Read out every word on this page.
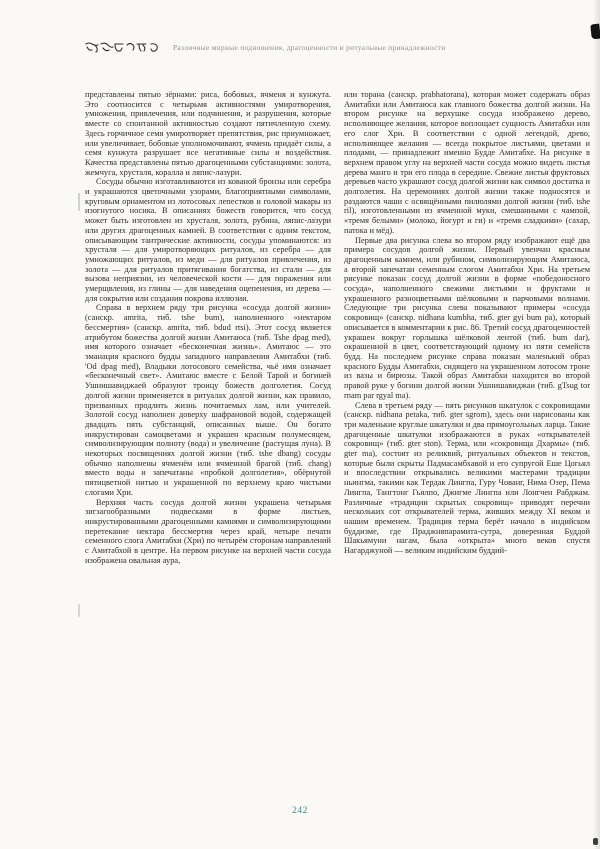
Различные мирные подношения, драгоценности и ритуальные принадлежности

представлены пятью зёрнами: риса, бобовых, ячменя и кунжута. Это соотносится с четырьмя активностями умиротворения, умножения, привлечения, или подчинения, и разрушения, которые вместе со спонтанной активностью создают пятичленную схему. Здесь горчичное семя умиротворяет препятствия, рис приумножает, или увеличивает, бобовые уполномочивают, ячмень придаёт силы, а семя кунжута разрушает все негативные силы и воздействия. Качества представлены пятью драгоценными субстанциями: золота, жемчуга, хрусталя, коралла и ляпис-лазури.

Сосуды обычно изготавливаются из кованой бронзы или серебра и украшаются цветочными узорами, благоприятными символами, круговым орнаментом из лотосовых лепестков и головой макары из изогнутого носика. В описаниях божеств говорится, что сосуд может быть изготовлен из хрусталя, золота, рубина, ляпис-лазури или других драгоценных камней. В соответствии с одним текстом, описывающим тантрические активности, сосуды упоминаются: из хрусталя — для умиротворяющих ритуалов, из серебра — для умножающих ритуалов, из меди — для ритуалов привлечения, из золота — для ритуалов притягивания богатства, из стали — для вызова неприязни, из человеческой кости — для поражения или умерщвления, из глины — для наведения оцепенения, из дерева — для сокрытия или создания покрова иллюзии.

Справа в верхнем ряду три рисунка «сосуда долгой жизни» (санскр. amrita, тиб. tshe bum), наполненного «нектаром бессмертия» (санскр. amrita, тиб. bdud rtsi). Этот сосуд является атрибутом божества долгой жизни Амитаюса (тиб. Tshe dpag med), имя которого означает «бесконечная жизнь». Амитаюс — это эманация красного будды западного направления Амитабхи (тиб. 'Od dpag med), Владыки лотосового семейства, чьё имя означает «бесконечный свет». Амитаюс вместе с Белой Тарой и богиней Ушнишавиджаей образуют троицу божеств долголетия. Сосуд долгой жизни применяется в ритуалах долгой жизни, как правило, призванных продлить жизнь почитаемых лам, или учителей. Золотой сосуд наполнен доверху шафрановой водой, содержащей двадцать пять субстанций, описанных выше. Он богато инкрустирован самоцветами и украшен красным полумесяцем, символизирующим полноту (вода) и увеличение (растущая луна). В некоторых посвящениях долгой жизни (тиб. tshe dbang) сосуды обычно наполнены ячменём или ячменной брагой (тиб. chang) вместо воды и запечатаны «пробкой долголетия», обёрнутой пятицветной нитью и украшенной по верхнему краю чистыми слогами Хри.

Верхняя часть сосуда долгой жизни украшена четырьмя зигзагообразными подвесками в форме листьев, инкрустированными драгоценными камнями и символизирующими перетекание нектара бессмертия через край, четыре печати семенного слога Амитабхи (Хри) по четырём сторонам направлений с Амитабхой в центре. На первом рисунке на верхней части сосуда изображена овальная аура,

или торана (санскр. prabhatorana), которая может содержать образ Амитабхи или Амитаюса как главного божества долгой жизни. На втором рисунке на верхушке сосуда изображено дерево, исполняющее желания, которое воплощает сущность Амитабхи или его слог Хри. В соответствии с одной легендой, древо, исполняющее желания — всегда покрытое листьями, цветами и плодами, — принадлежит именно Будде Амитабхе. На рисунке в верхнем правом углу на верхней части сосуда можно видеть листья дерева манго и три его плода в середине. Свежие листья фруктовых деревьев часто украшают сосуд долгой жизни как символ достатка и долголетия. На церемониях долгой жизни также подносятся и раздаются чаши с освящёнными пилюлями долгой жизни (тиб. tshe ril), изготовленными из ячменной муки, смешанными с чампой, «тремя белыми» (молоко, йогурт и ги) и «тремя сладкими» (сахар, патока и мёд).

Первые два рисунка слева во втором ряду изображают ещё два примера сосудов долгой жизни. Первый увенчан красным драгоценным камнем, или рубином, символизирующим Амитаюса, а второй запечатан семенным слогом Амитабхи Хри. На третьем рисунке показан сосуд долгой жизни в форме «победоносного сосуда», наполненного свежими листьями и фруктами и украшенного разноцветными шёлковыми и парчовыми волнами. Следующие три рисунка слева показывают примеры «сосуда сокровищ» (санскр. nidhana kumbha, тиб. gter gyi bum pa), который описывается в комментарии к рис. 86. Третий сосуд драгоценностей украшен вокруг горлышка шёлковой лентой (тиб. bum dar), окрашенной в цвет, соответствующий одному из пяти семейств будд. На последнем рисунке справа показан маленький образ красного Будды Амитабхи, сидящего на украшенном лотосом троне из вазы и бирюзы. Такой образ Амитабхи находится во второй правой руке у богини долгой жизни Ушнишавиджаи (тиб. gTsug tor rnam par rgyal ma).

Слева в третьем ряду — пять рисунков шкатулок с сокровищами (санскр. nidhana petaka, тиб. gter sgrom), здесь они нарисованы как три маленькие круглые шкатулки и два прямоугольных ларца. Такие драгоценные шкатулки изображаются в руках «открывателей сокровищ» (тиб. gter ston). Терма, или «сокровища Дхармы» (тиб. gter ma), состоят из реликвий, ритуальных объектов и текстов, которые были скрыты Падмасамбхавой и его супругой Еше Цогьял и впоследствии открывались великими мастерами традиции ньингма, такими как Тердак Лингпа, Гуру Чованг, Нима Озер, Пема Лингпа, Тангтонг Гьялпо, Джигме Лингпа или Лонгчен Рабджам. Различные «традиции скрытых сокровищ» приводят перечни нескольких сот открывателей терма, живших между XI веком и нашим временем. Традиция терма берёт начало в индийском буддизме, где Праджняпарамита-сутра, доверенная Буддой Шакьямуни нагам, была «открыта» много веков спустя Нагарджуной — великим индийским буддий-

242
